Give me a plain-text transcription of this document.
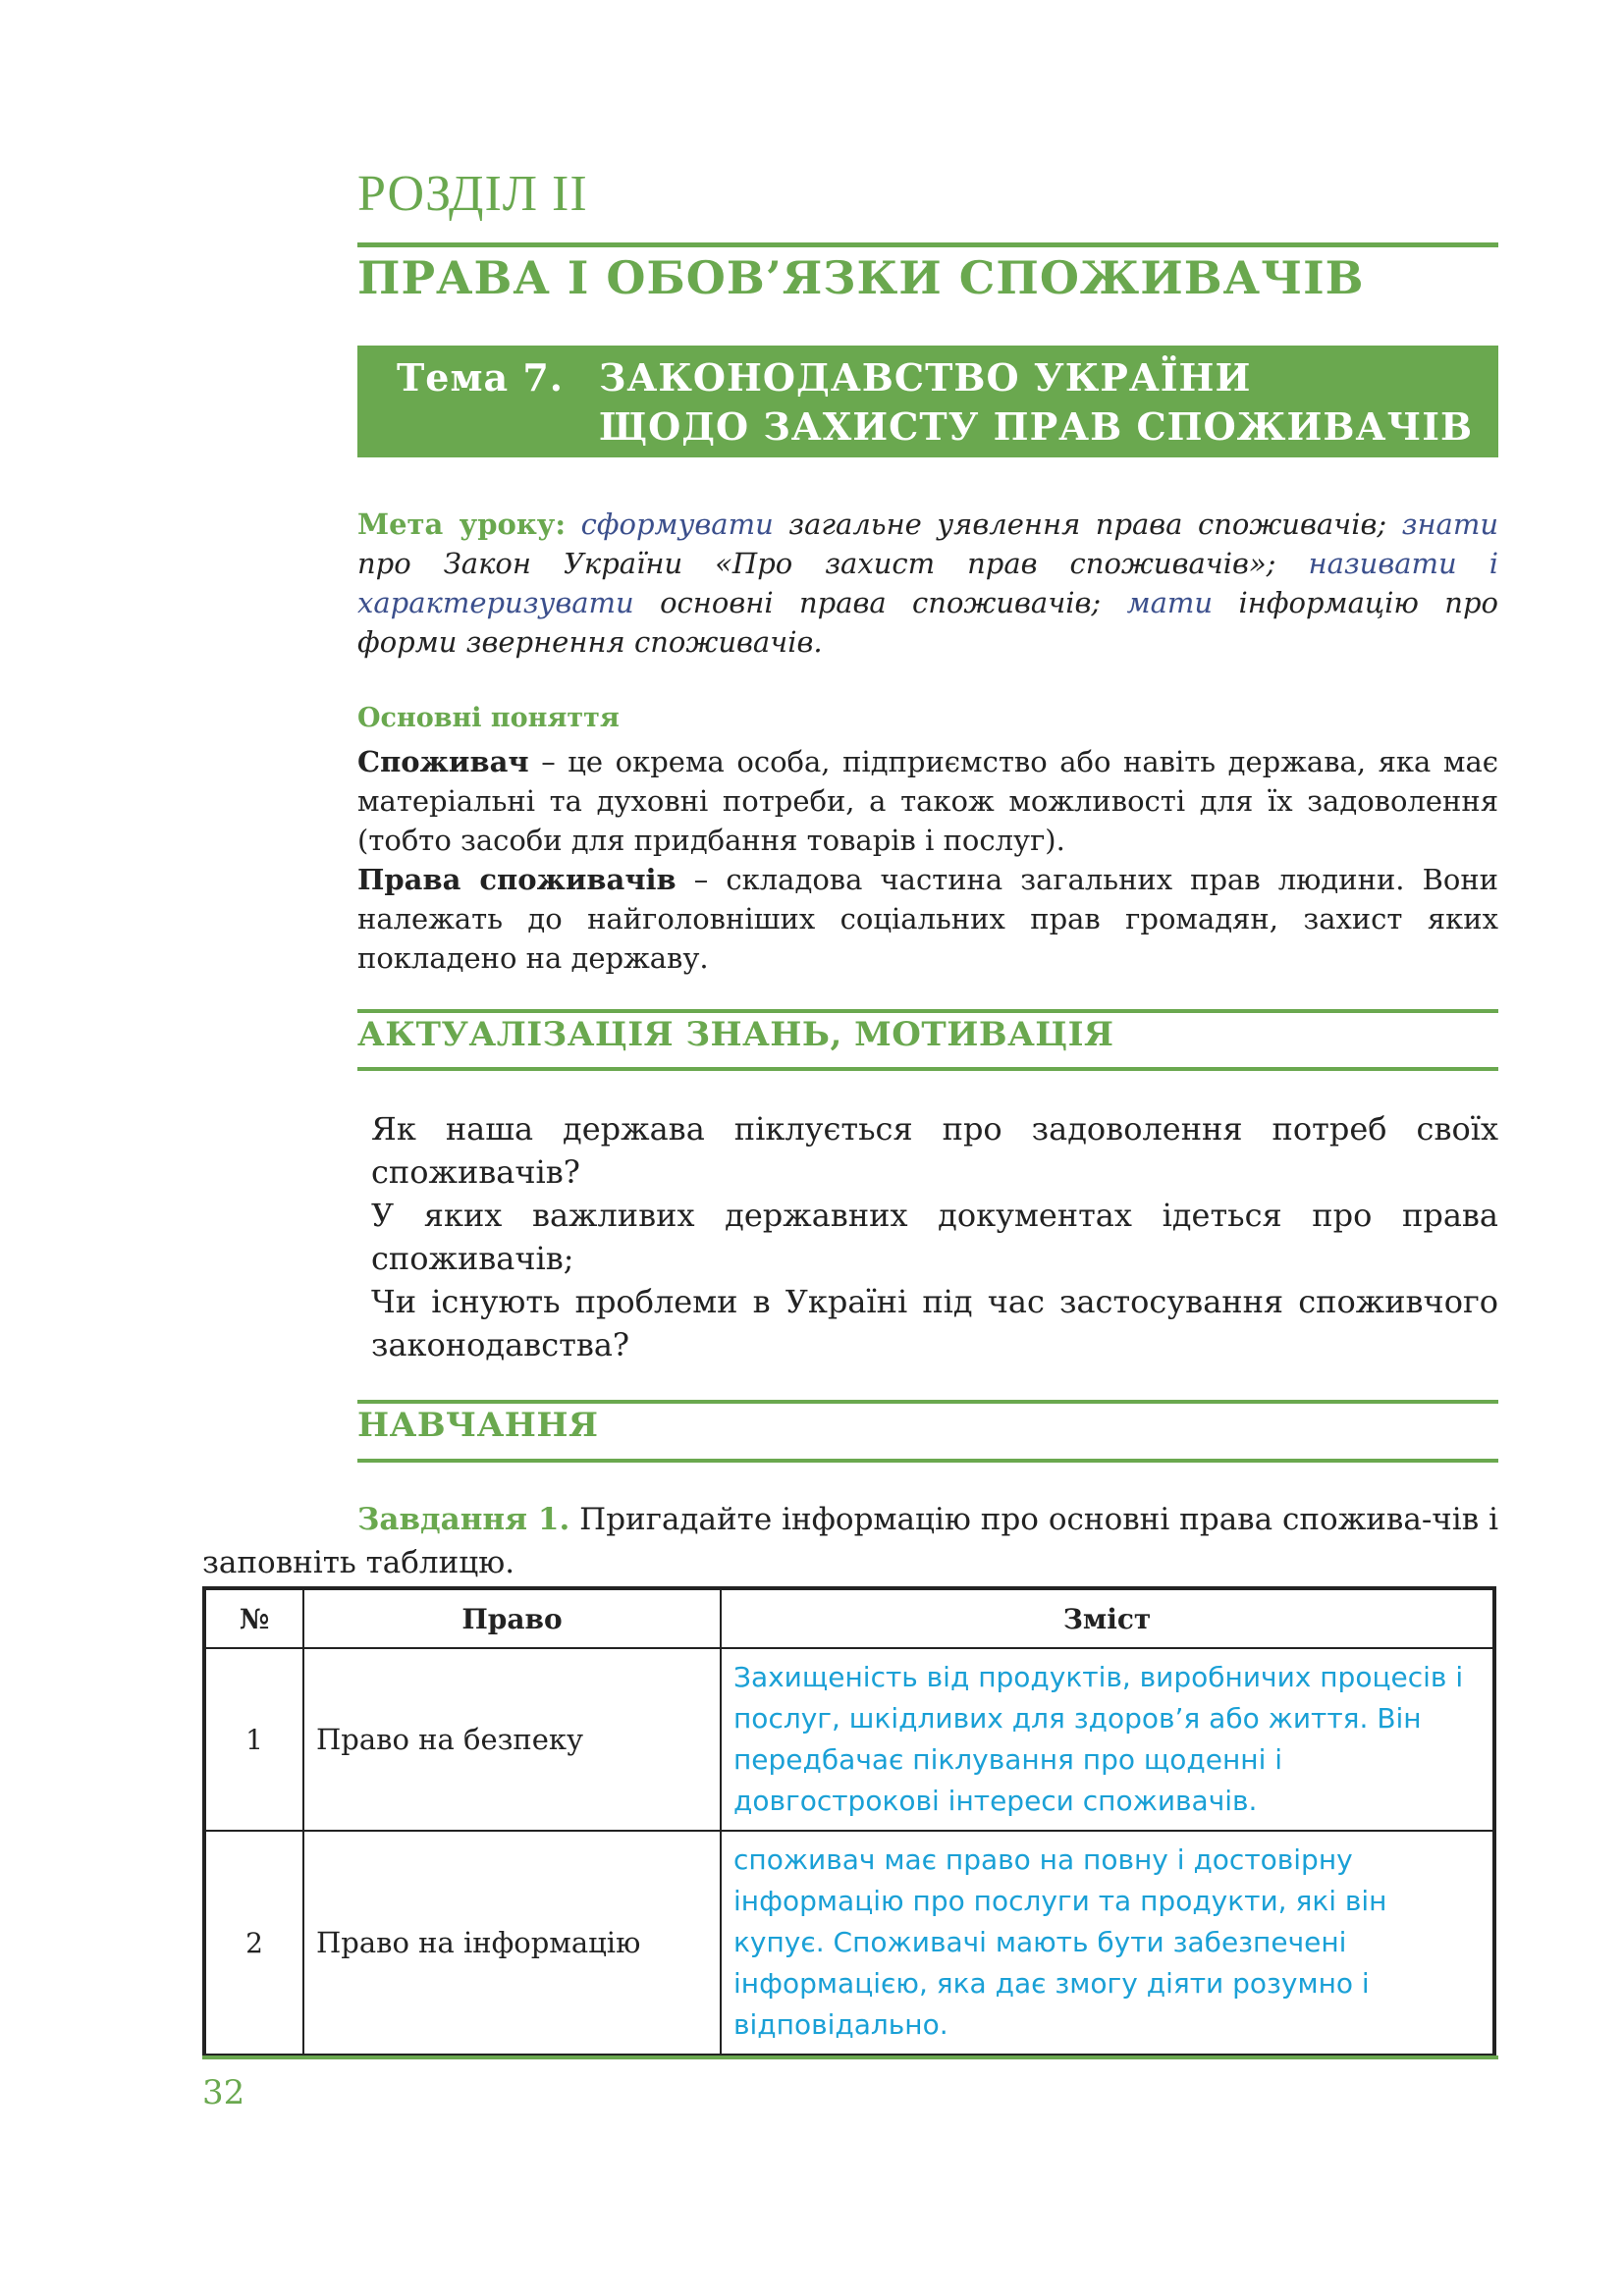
РОЗДІЛ ІІ
ПРАВА І ОБОВ’ЯЗКИ СПОЖИВАЧІВ
Тема 7. ЗАКОНОДАВСТВО УКРАЇНИ
ЩОДО ЗАХИСТУ ПРАВ СПОЖИВАЧІВ
Мета уроку: сформувати загальне уявлення права споживачів; знати про Закон України «Про захист прав споживачів»; називати і характеризувати основні права споживачів; мати інформацію про форми звернення споживачів.
Основні поняття

Споживач – це окрема особа, підприємство або навіть держава, яка має матеріальні та духовні потреби, а також можливості для їх задоволення (тобто засоби для придбання товарів і послуг).

Права споживачів – складова частина загальних прав людини. Вони належать до найголовніших соціальних прав громадян, захист яких покладено на державу.

АКТУАЛІЗАЦІЯ ЗНАНЬ, МОТИВАЦІЯ

Як наша держава піклується про задоволення потреб своїх споживачів?

У яких важливих державних документах ідеться про права споживачів;

Чи існують проблеми в Україні під час застосування споживчого законодавства?

НАВЧАННЯ
Завдання 1. Пригадайте інформацію про основні права спожива-чів і заповніть таблицю.
№	Право	Зміст
1	Право на безпеку	Захищеність від продуктів, виробничих процесів і послуг, шкідливих для здоров’я або життя. Він передбачає піклування про щоденні і довгострокові інтереси споживачів.
2	Право на інформацію	споживач має право на повну і достовірну інформацію про послуги та продукти, які він купує. Споживачі мають бути забезпечені інформацією, яка дає змогу діяти розумно і відповідально.
32
